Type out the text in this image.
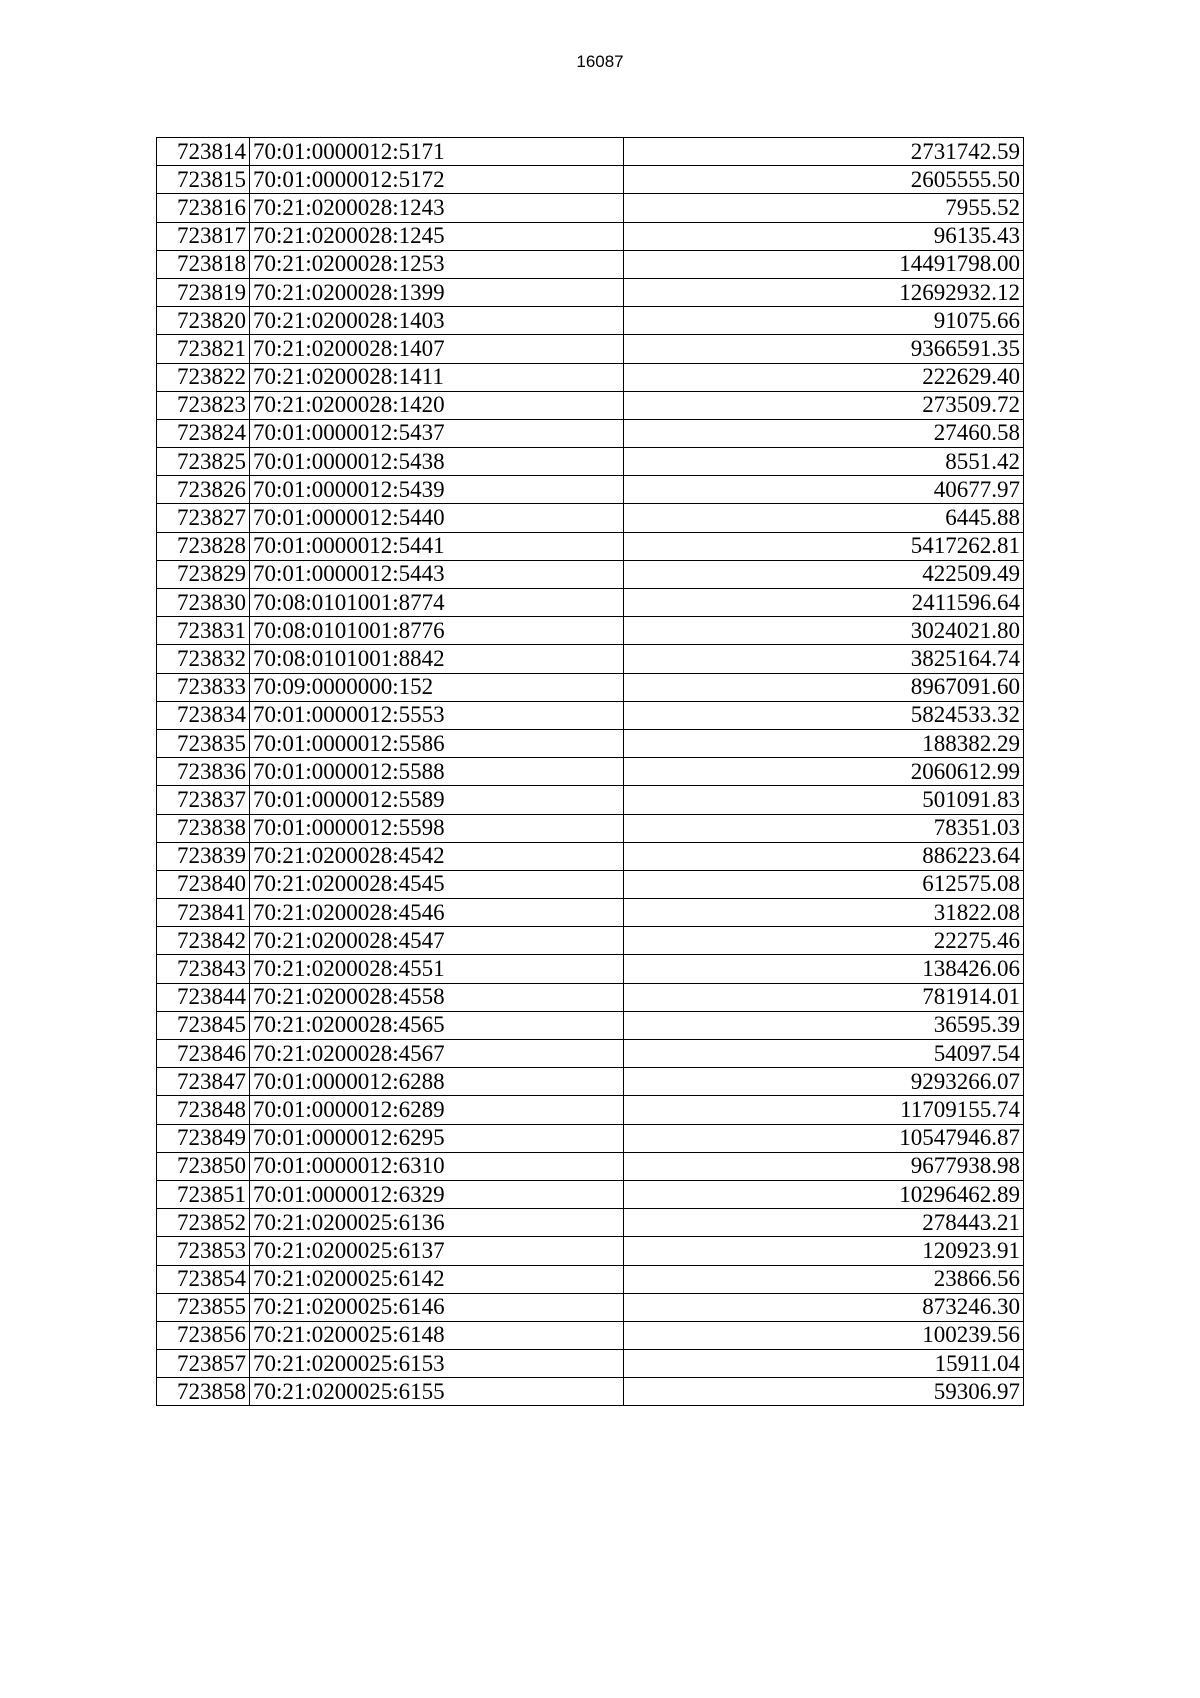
16087
723814	70:01:0000012:5171	2731742.59
723815	70:01:0000012:5172	2605555.50
723816	70:21:0200028:1243	7955.52
723817	70:21:0200028:1245	96135.43
723818	70:21:0200028:1253	14491798.00
723819	70:21:0200028:1399	12692932.12
723820	70:21:0200028:1403	91075.66
723821	70:21:0200028:1407	9366591.35
723822	70:21:0200028:1411	222629.40
723823	70:21:0200028:1420	273509.72
723824	70:01:0000012:5437	27460.58
723825	70:01:0000012:5438	8551.42
723826	70:01:0000012:5439	40677.97
723827	70:01:0000012:5440	6445.88
723828	70:01:0000012:5441	5417262.81
723829	70:01:0000012:5443	422509.49
723830	70:08:0101001:8774	2411596.64
723831	70:08:0101001:8776	3024021.80
723832	70:08:0101001:8842	3825164.74
723833	70:09:0000000:152	8967091.60
723834	70:01:0000012:5553	5824533.32
723835	70:01:0000012:5586	188382.29
723836	70:01:0000012:5588	2060612.99
723837	70:01:0000012:5589	501091.83
723838	70:01:0000012:5598	78351.03
723839	70:21:0200028:4542	886223.64
723840	70:21:0200028:4545	612575.08
723841	70:21:0200028:4546	31822.08
723842	70:21:0200028:4547	22275.46
723843	70:21:0200028:4551	138426.06
723844	70:21:0200028:4558	781914.01
723845	70:21:0200028:4565	36595.39
723846	70:21:0200028:4567	54097.54
723847	70:01:0000012:6288	9293266.07
723848	70:01:0000012:6289	11709155.74
723849	70:01:0000012:6295	10547946.87
723850	70:01:0000012:6310	9677938.98
723851	70:01:0000012:6329	10296462.89
723852	70:21:0200025:6136	278443.21
723853	70:21:0200025:6137	120923.91
723854	70:21:0200025:6142	23866.56
723855	70:21:0200025:6146	873246.30
723856	70:21:0200025:6148	100239.56
723857	70:21:0200025:6153	15911.04
723858	70:21:0200025:6155	59306.97
